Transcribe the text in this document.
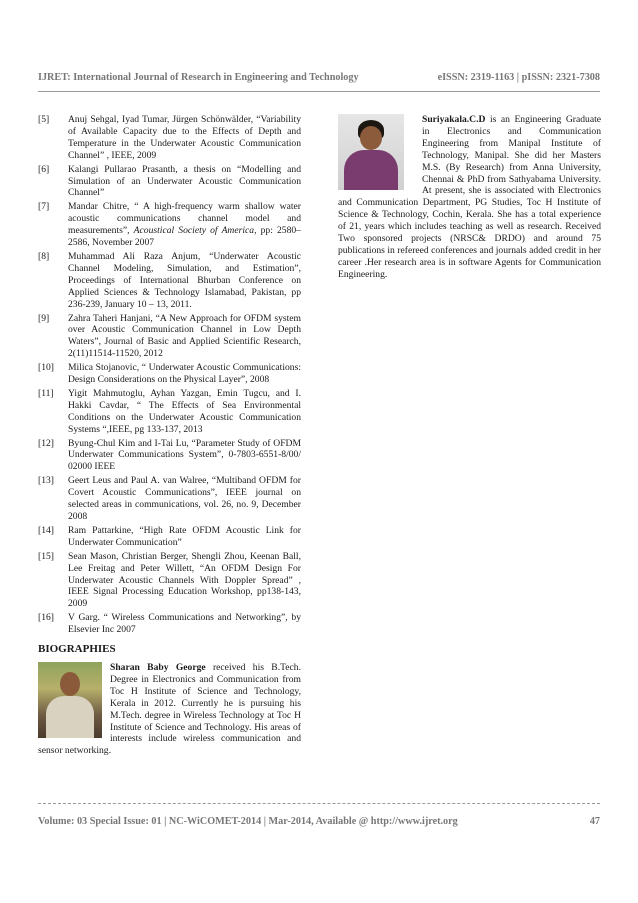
IJRET: International Journal of Research in Engineering and Technology	eISSN: 2319-1163 | pISSN: 2321-7308
[5]	Anuj Sehgal, Iyad Tumar, Jürgen Schönwälder, “Variability of Available Capacity due to the Effects of Depth and Temperature in the Underwater Acoustic Communication Channel” , IEEE, 2009
[6]	Kalangi Pullarao Prasanth, a thesis on “Modelling and Simulation of an Underwater Acoustic Communication Channel”
[7]	Mandar Chitre, “ A high-frequency warm shallow water acoustic communications channel model and measurements”, Acoustical Society of America, pp: 2580–2586, November 2007
[8]	Muhammad Ali Raza Anjum, “Underwater Acoustic Channel Modeling, Simulation, and Estimation”, Proceedings of International Bhurban Conference on Applied Sciences & Technology Islamabad, Pakistan, pp 236-239, January 10 – 13, 2011.
[9]	Zahra Taheri Hanjani, “A New Approach for OFDM system over Acoustic Communication Channel in Low Depth Waters”, Journal of Basic and Applied Scientific Research, 2(11)11514-11520, 2012
[10]	Milica Stojanovic, “ Underwater Acoustic Communications: Design Considerations on the Physical Layer”, 2008
[11]	Yigit Mahmutoglu, Ayhan Yazgan, Emin Tugcu, and I. Hakki Cavdar, “ The Effects of Sea Environmental Conditions on the Underwater Acoustic Communication Systems “,IEEE, pg 133-137, 2013
[12]	Byung-Chul Kim and I-Tai Lu, “Parameter Study of OFDM Underwater Communications System”, 0-7803-6551-8/00/ 02000 IEEE
[13]	Geert Leus and Paul A. van Walree, “Multiband OFDM for Covert Acoustic Communications”, IEEE journal on selected areas in communications, vol. 26, no. 9, December 2008
[14]	Ram Pattarkine, “High Rate OFDM Acoustic Link for Underwater Communication”
[15]	Sean Mason, Christian Berger, Shengli Zhou, Keenan Ball, Lee Freitag and Peter Willett, “An OFDM Design For Underwater Acoustic Channels With Doppler Spread” , IEEE Signal Processing Education Workshop, pp138-143, 2009
[16]	V Garg. “ Wireless Communications and Networking”, by Elsevier Inc 2007
BIOGRAPHIES
Sharan Baby George received his B.Tech. Degree in Electronics and Communication from Toc H Institute of Science and Technology, Kerala in 2012. Currently he is pursuing his M.Tech. degree in Wireless Technology at Toc H Institute of Science and Technology. His areas of interests include wireless communication and sensor networking.
Suriyakala.C.D is an Engineering Graduate in Electronics and Communication Engineering from Manipal Institute of Technology, Manipal. She did her Masters M.S. (By Research) from Anna University, Chennai & PhD from Sathyabama University. At present, she is associated with Electronics and Communication Department, PG Studies, Toc H Institute of Science & Technology, Cochin, Kerala. She has a total experience of 21, years which includes teaching as well as research. Received Two sponsored projects (NRSC& DRDO) and around 75 publications in refereed conferences and journals added credit in her career .Her research area is in software Agents for Communication Engineering.
Volume: 03 Special Issue: 01 | NC-WiCOMET-2014 | Mar-2014, Available @ http://www.ijret.org	47
